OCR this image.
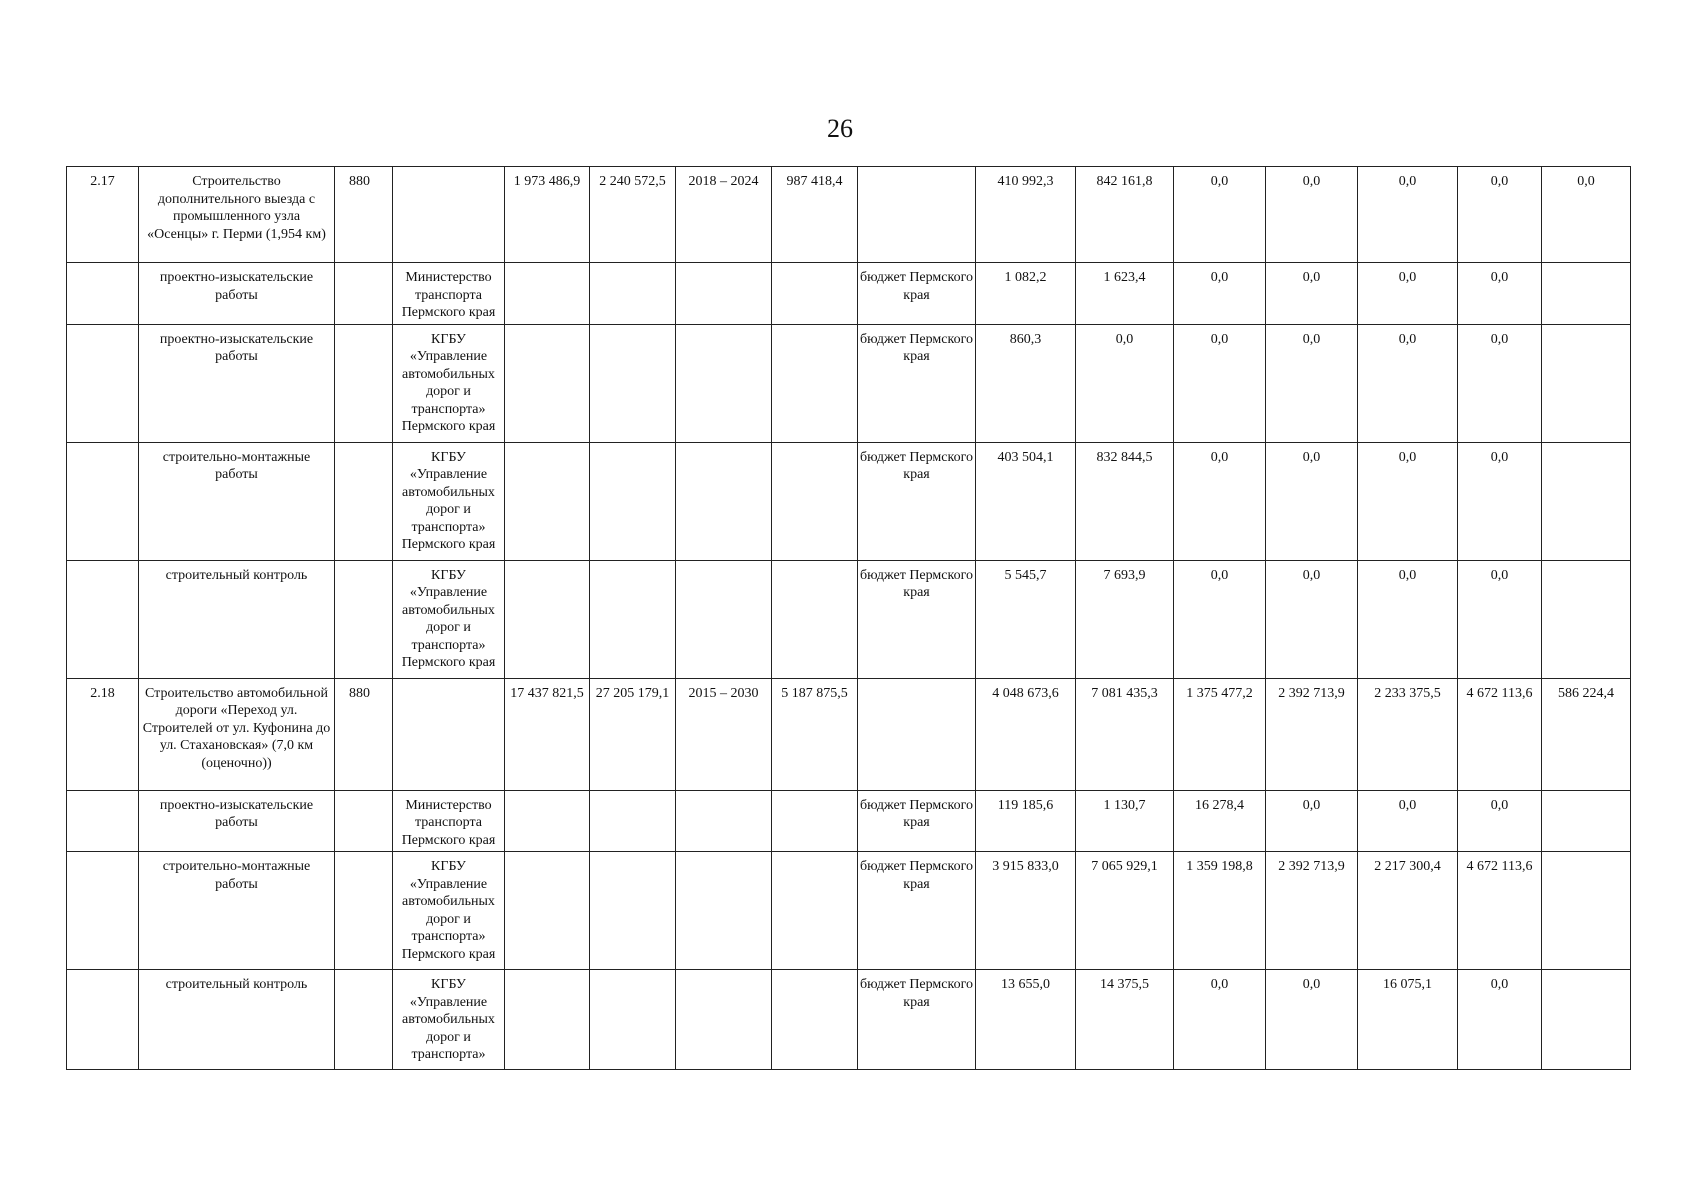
26
2.17	Строительство дополнительного выезда с промышленного узла «Осенцы» г. Перми (1,954 км)	880		1 973 486,9	2 240 572,5	2018 – 2024	987 418,4		410 992,3	842 161,8	0,0	0,0	0,0	0,0	0,0
	проектно-изыскательские работы		Министерство транспорта Пермского края					бюджет Пермского края	1 082,2	1 623,4	0,0	0,0	0,0	0,0	
	проектно-изыскательские работы		КГБУ «Управление автомобильных дорог и транспорта» Пермского края					бюджет Пермского края	860,3	0,0	0,0	0,0	0,0	0,0	
	строительно-монтажные работы		КГБУ «Управление автомобильных дорог и транспорта» Пермского края					бюджет Пермского края	403 504,1	832 844,5	0,0	0,0	0,0	0,0	
	строительный контроль		КГБУ «Управление автомобильных дорог и транспорта» Пермского края					бюджет Пермского края	5 545,7	7 693,9	0,0	0,0	0,0	0,0	
2.18	Строительство автомобильной дороги «Переход ул. Строителей от ул. Куфонина до ул. Стахановская» (7,0 км (оценочно))	880		17 437 821,5	27 205 179,1	2015 – 2030	5 187 875,5		4 048 673,6	7 081 435,3	1 375 477,2	2 392 713,9	2 233 375,5	4 672 113,6	586 224,4
	проектно-изыскательские работы		Министерство транспорта Пермского края					бюджет Пермского края	119 185,6	1 130,7	16 278,4	0,0	0,0	0,0	
	строительно-монтажные работы		КГБУ «Управление автомобильных дорог и транспорта» Пермского края					бюджет Пермского края	3 915 833,0	7 065 929,1	1 359 198,8	2 392 713,9	2 217 300,4	4 672 113,6	
	строительный контроль		КГБУ «Управление автомобильных дорог и транспорта»					бюджет Пермского края	13 655,0	14 375,5	0,0	0,0	16 075,1	0,0	
